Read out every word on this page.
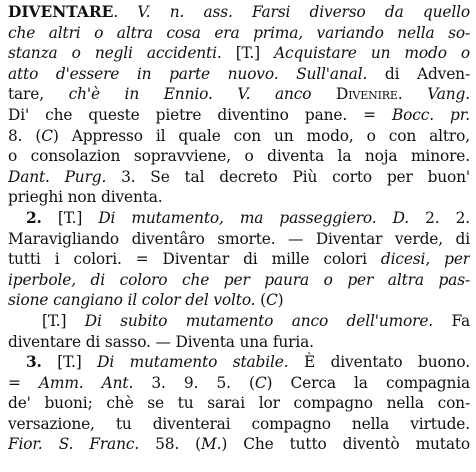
DIVENTARE. V. n. ass. Farsi diverso da quello
che altri o altra cosa era prima, variando nella so-
stanza o negli accidenti. [T.] Acquistare un modo o
atto d'essere in parte nuovo. Sull'anal. di Adven-
tare, ch'è in Ennio. V. anco Divenire. Vang.
Di' che queste pietre diventino pane. = Bocc. pr.
8. (C) Appresso il quale con un modo, o con altro,
o consolazion sopravviene, o diventa la noja minore.
Dant. Purg. 3. Se tal decreto Più corto per buon'
prieghi non diventa.
2. [T.] Di mutamento, ma passeggiero. D. 2. 2.
Maravigliando diventâro smorte. — Diventar verde, di
tutti i colori. = Diventar di mille colori dicesi, per
iperbole, di coloro che per paura o per altra pas-
sione cangiano il color del volto. (C)
[T.] Di subito mutamento anco dell'umore. Fa
diventare di sasso. — Diventa una furia.
3. [T.] Di mutamento stabile. È diventato buono.
= Amm. Ant. 3. 9. 5. (C) Cerca la compagnia
de' buoni; chè se tu sarai lor compagno nella con-
versazione, tu diventerai compagno nella virtude.
Fior. S. Franc. 58. (M.) Che tutto diventò mutato
